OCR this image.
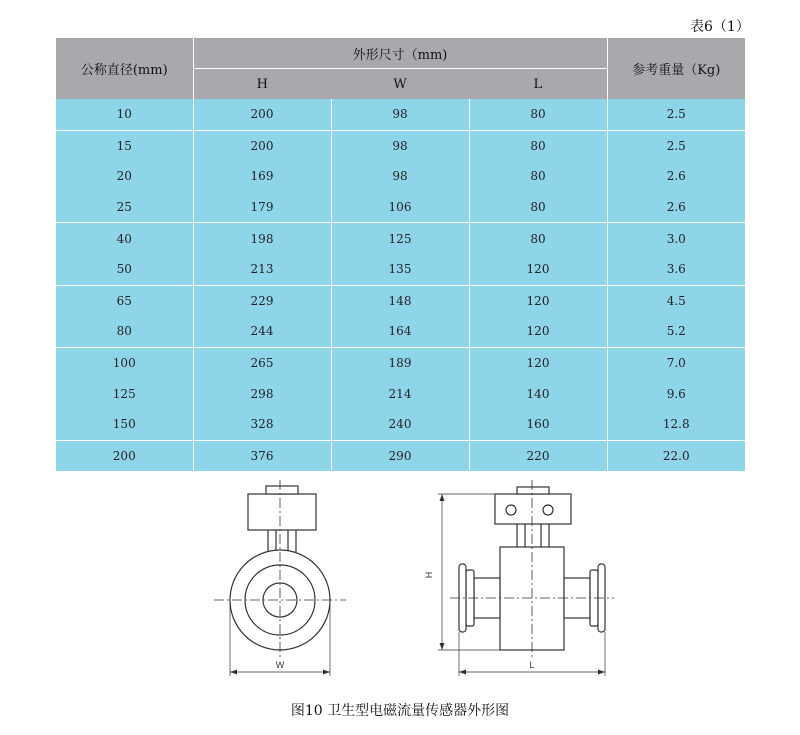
表6（1）
公称直径(mm)	外形尺寸（mm)			参考重量（Kg)
	H	W	L	
10	200	98	80	2.5
15	200	98	80	2.5
20	169	98	80	2.6
25	179	106	80	2.6
40	198	125	80	3.0
50	213	135	120	3.6
65	229	148	120	4.5
80	244	164	120	5.2
100	265	189	120	7.0
125	298	214	140	9.6
150	328	240	160	12.8
200	376	290	220	22.0
W
H
L
图10 卫生型电磁流量传感器外形图
